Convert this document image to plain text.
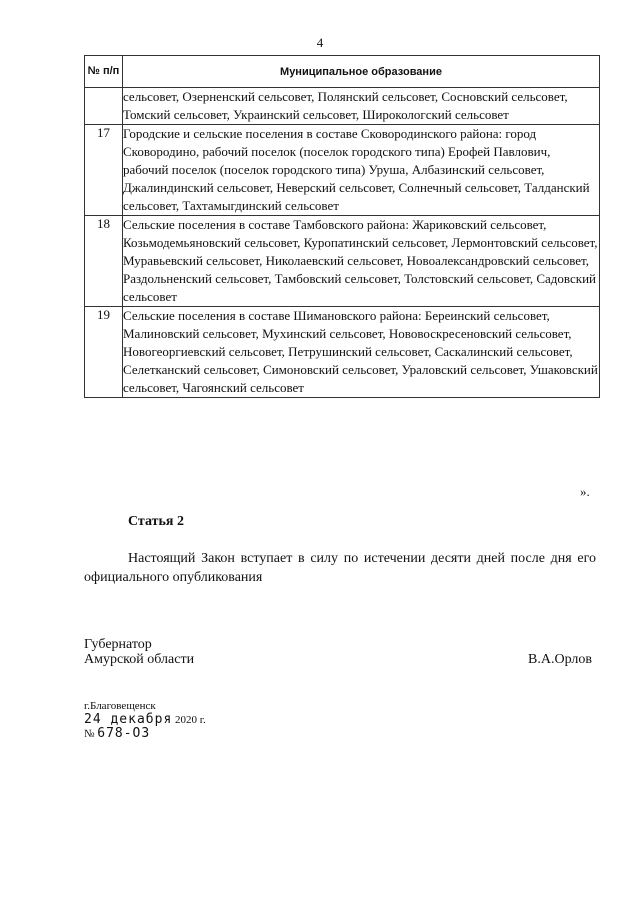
4
№ п/п	Муниципальное образование
	сельсовет, Озерненский сельсовет, Полянский сельсовет, Сосновский сельсовет, Томский сельсовет, Украинский сельсовет, Широкологский сельсовет
17	Городские и сельские поселения в составе Сковородинского района: город Сковородино, рабочий поселок (поселок городского типа) Ерофей Павлович, рабочий поселок (поселок городского типа) Уруша, Албазинский сельсовет, Джалиндинский сельсовет, Неверский сельсовет, Солнечный сельсовет, Талданский сельсовет, Тахтамыгдинский сельсовет
18	Сельские поселения в составе Тамбовского района: Жариковский сельсовет, Козьмодемьяновский сельсовет, Куропатинский сельсовет, Лермонтовский сельсовет, Муравьевский сельсовет, Николаевский сельсовет, Новоалександровский сельсовет, Раздольненский сельсовет, Тамбовский сельсовет, Толстовский сельсовет, Садовский сельсовет
19	Сельские поселения в составе Шимановского района: Береинский сельсовет, Малиновский сельсовет, Мухинский сельсовет, Нововоскресеновский сельсовет, Новогеоргиевский сельсовет, Петрушинский сельсовет, Саскалинский сельсовет, Селетканский сельсовет, Симоновский сельсовет, Ураловский сельсовет, Ушаковский сельсовет, Чагоянский сельсовет
».
Статья 2
Настоящий Закон вступает в силу по истечении десяти дней после дня его официального опубликования
Губернатор
Амурской области	В.А.Орлов
г.Благовещенск
24 декабря 2020 г.
№ 678-ОЗ
